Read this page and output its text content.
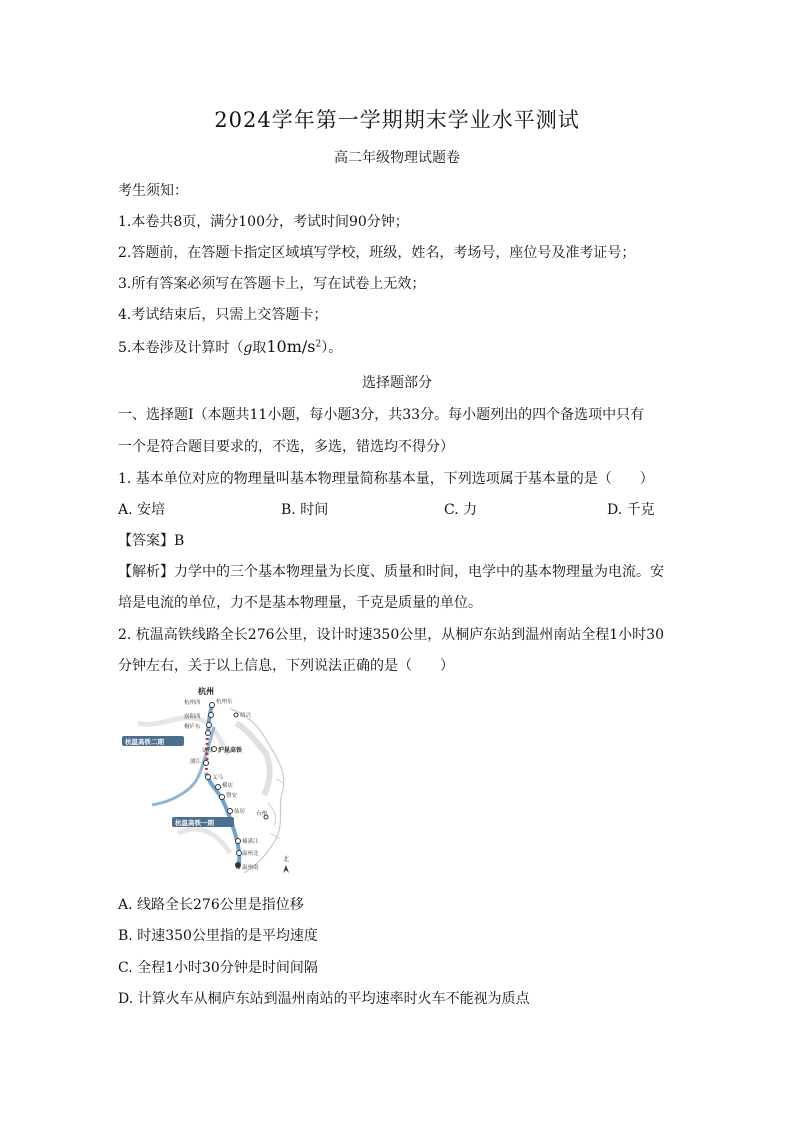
2024学年第一学期期末学业水平测试
高二年级物理试题卷
考生须知：
1.本卷共8页，满分100分，考试时间90分钟；
2.答题前，在答题卡指定区域填写学校，班级，姓名，考场号，座位号及准考证号；
3.所有答案必须写在答题卡上，写在试卷上无效；
4.考试结束后，只需上交答题卡；
5.本卷涉及计算时（g取$10m/s^2$）。
选择题部分
一、选择题Ⅰ（本题共11小题，每小题3分，共33分。每小题列出的四个备选项中只有
一个是符合题目要求的，不选，多选，错选均不得分）
1. 基本单位对应的物理量叫基本物理量简称基本量，下列选项属于基本量的是（　　）
A. 安培	B. 时间	C. 力	D. 千克
【答案】B
【解析】力学中的三个基本物理量为长度、质量和时间，电学中的基本物理量为电流。安
培是电流的单位，力不是基本物理量，千克是质量的单位。
2. 杭温高铁线路全长276公里，设计时速350公里，从桐庐东站到温州南站全程1小时30
分钟左右，关于以上信息，下列说法正确的是（　　）
杭州
杭州西	杭州东
富阳西
桐庐东
诸暨
浦江
义乌
横店
磐安
仙居
楠溪江
温州北
温州南
绍兴
台州
沪昆高铁
杭温高铁二期
杭温高铁一期
北
A. 线路全长276公里是指位移
B. 时速350公里指的是平均速度
C. 全程1小时30分钟是时间间隔
D. 计算火车从桐庐东站到温州南站的平均速率时火车不能视为质点
